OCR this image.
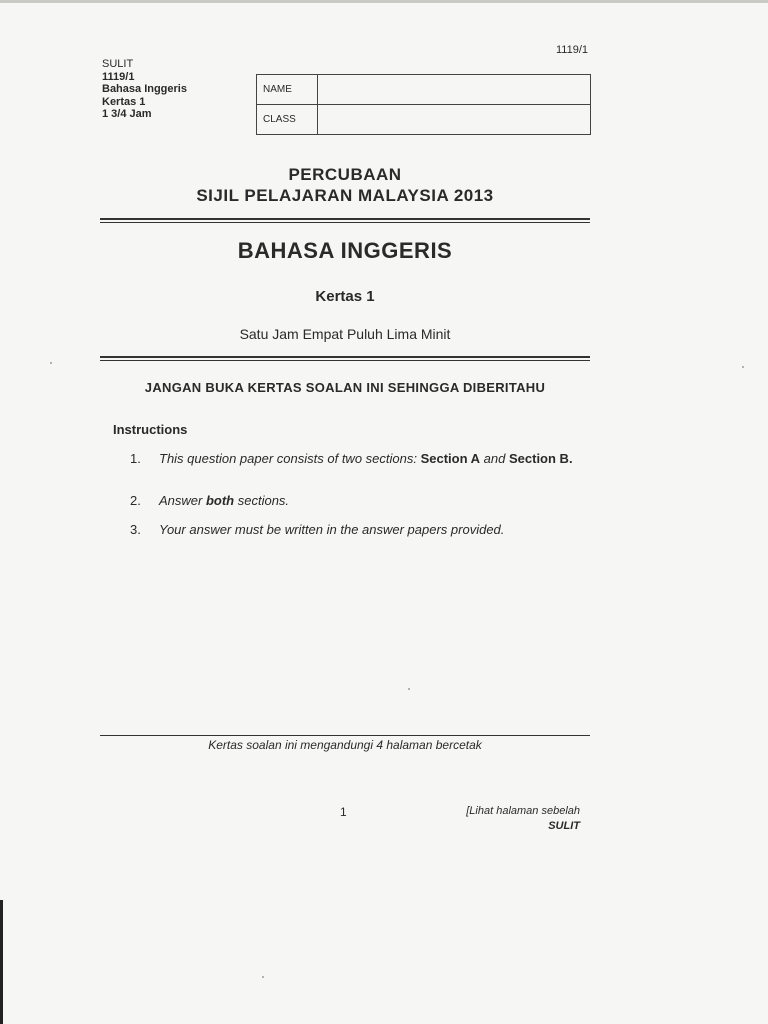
1119/1
SULIT
1119/1
Bahasa Inggeris
Kertas 1
1 3/4 Jam
NAME	
CLASS	
PERCUBAAN
SIJIL PELAJARAN MALAYSIA 2013
BAHASA INGGERIS
Kertas 1
Satu Jam Empat Puluh Lima Minit
JANGAN BUKA KERTAS SOALAN INI SEHINGGA DIBERITAHU
Instructions
1. This question paper consists of two sections: Section A and Section B.
2. Answer both sections.
3. Your answer must be written in the answer papers provided.
Kertas soalan ini mengandungi 4 halaman bercetak
1	[Lihat halaman sebelah
SULIT
